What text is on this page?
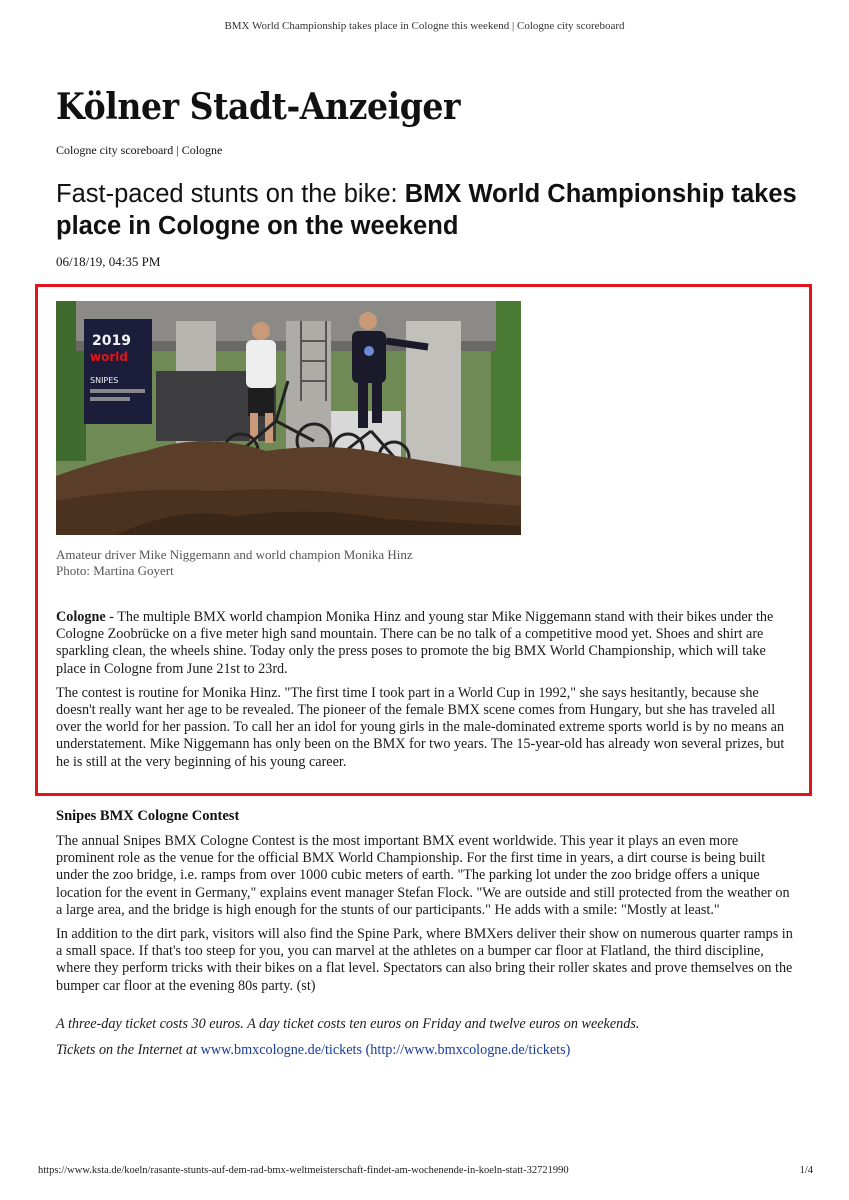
BMX World Championship takes place in Cologne this weekend | Cologne city scoreboard
Kölner Stadt-Anzeiger
Cologne city scoreboard | Cologne
Fast-paced stunts on the bike: BMX World Championship takes place in Cologne on the weekend
06/18/19, 04:35 PM
2019
world
SNIPES
Amateur driver Mike Niggemann and world champion Monika Hinz
Photo: Martina Goyert

Cologne - The multiple BMX world champion Monika Hinz and young star Mike Niggemann stand with their bikes under the Cologne Zoobrücke on a five meter high sand mountain. There can be no talk of a competitive mood yet. Shoes and shirt are sparkling clean, the wheels shine. Today only the press poses to promote the big BMX World Championship, which will take place in Cologne from June 21st to 23rd.

The contest is routine for Monika Hinz. "The first time I took part in a World Cup in 1992," she says hesitantly, because she doesn't really want her age to be revealed. The pioneer of the female BMX scene comes from Hungary, but she has traveled all over the world for her passion. To call her an idol for young girls in the male-dominated extreme sports world is by no means an understatement. Mike Niggemann has only been on the BMX for two years. The 15-year-old has already won several prizes, but he is still at the very beginning of his young career.

Snipes BMX Cologne Contest

The annual Snipes BMX Cologne Contest is the most important BMX event worldwide. This year it plays an even more prominent role as the venue for the official BMX World Championship. For the first time in years, a dirt course is being built under the zoo bridge, i.e. ramps from over 1000 cubic meters of earth. "The parking lot under the zoo bridge offers a unique location for the event in Germany," explains event manager Stefan Flock. "We are outside and still protected from the weather on a large area, and the bridge is high enough for the stunts of our participants." He adds with a smile: "Mostly at least."

In addition to the dirt park, visitors will also find the Spine Park, where BMXers deliver their show on numerous quarter ramps in a small space. If that's too steep for you, you can marvel at the athletes on a bumper car floor at Flatland, the third discipline, where they perform tricks with their bikes on a flat level. Spectators can also bring their roller skates and prove themselves on the bumper car floor at the evening 80s party. (st)

A three-day ticket costs 30 euros. A day ticket costs ten euros on Friday and twelve euros on weekends.
Tickets on the Internet at www.bmxcologne.de/tickets (http://www.bmxcologne.de/tickets)
https://www.ksta.de/koeln/rasante-stunts-auf-dem-rad-bmx-weltmeisterschaft-findet-am-wochenende-in-koeln-statt-32721990	1/4
